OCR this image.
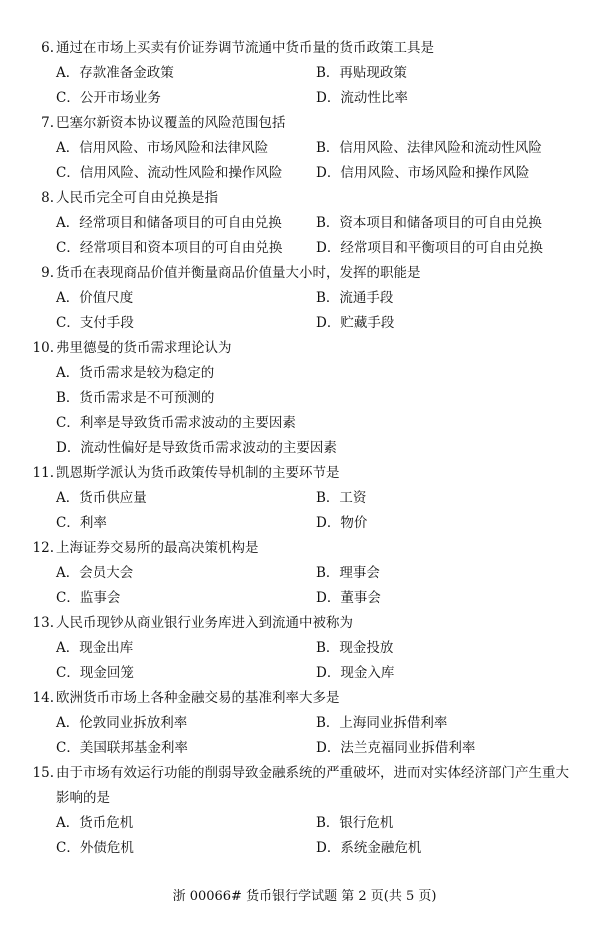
6. 通过在市场上买卖有价证券调节流通中货币量的货币政策工具是
A．存款准备金政策	B．再贴现政策
C．公开市场业务	D．流动性比率
7. 巴塞尔新资本协议覆盖的风险范围包括
A．信用风险、市场风险和法律风险	B．信用风险、法律风险和流动性风险
C．信用风险、流动性风险和操作风险 D．信用风险、市场风险和操作风险
8. 人民币完全可自由兑换是指
A．经常项目和储备项目的可自由兑换	B．资本项目和储备项目的可自由兑换
C．经常项目和资本项目的可自由兑换 D．经常项目和平衡项目的可自由兑换
9. 货币在表现商品价值并衡量商品价值量大小时，发挥的职能是
A．价值尺度	B．流通手段
C．支付手段	D．贮藏手段
10. 弗里德曼的货币需求理论认为
A．货币需求是较为稳定的
B．货币需求是不可预测的
C．利率是导致货币需求波动的主要因素
D．流动性偏好是导致货币需求波动的主要因素
11. 凯恩斯学派认为货币政策传导机制的主要环节是
A．货币供应量	B．工资
C．利率	D．物价
12. 上海证券交易所的最高决策机构是
A．会员大会	B．理事会
C．监事会	D．董事会
13. 人民币现钞从商业银行业务库进入到流通中被称为
A．现金出库	B．现金投放
C．现金回笼	D．现金入库
14. 欧洲货币市场上各种金融交易的基准利率大多是
A．伦敦同业拆放利率	B．上海同业拆借利率
C．美国联邦基金利率	D．法兰克福同业拆借利率
15. 由于市场有效运行功能的削弱导致金融系统的严重破坏，进而对实体经济部门产生重大影响的是
A．货币危机	B．银行危机
C．外债危机	D．系统金融危机
浙 00066# 货币银行学试题 第 2 页(共 5 页)
